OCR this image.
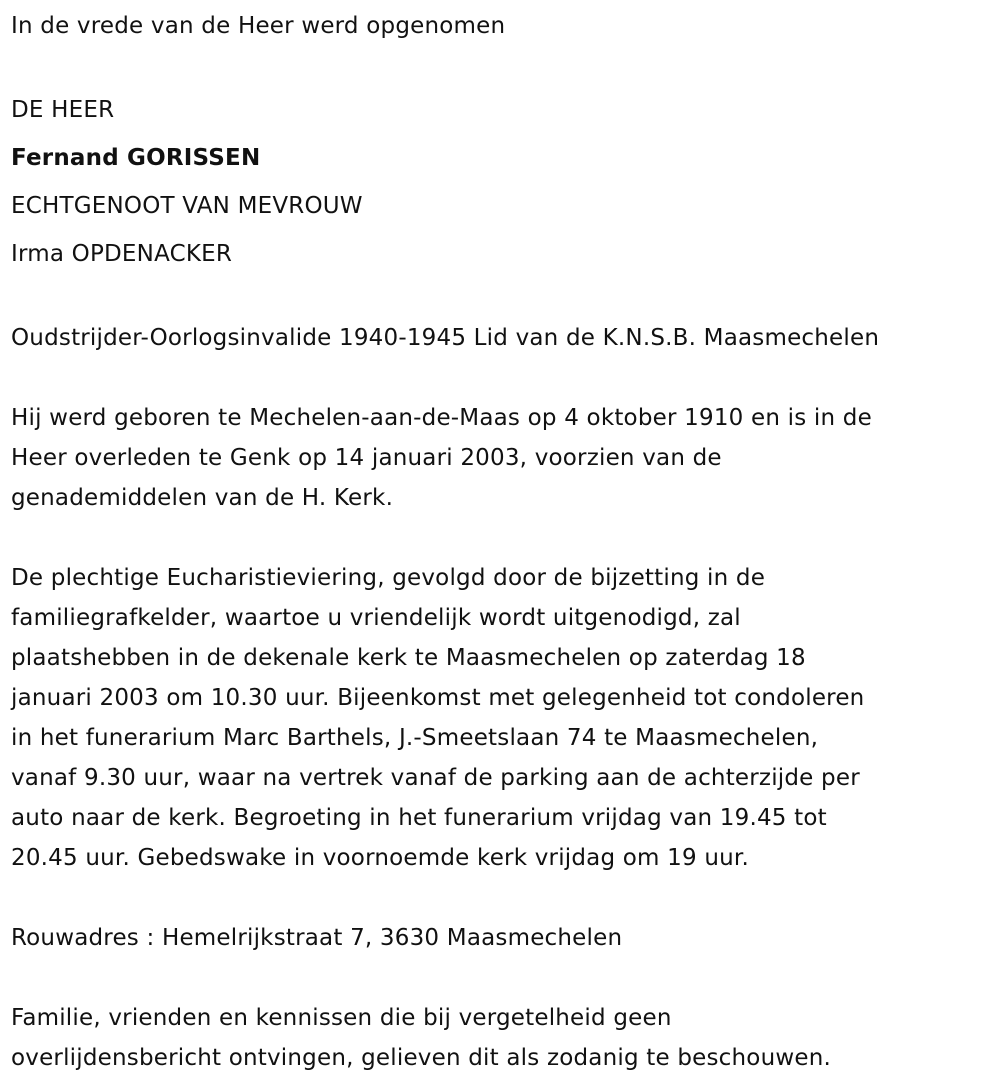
In de vrede van de Heer werd opgenomen
DE HEER
Fernand GORISSEN
ECHTGENOOT VAN MEVROUW
Irma OPDENACKER
Oudstrijder-Oorlogsinvalide 1940-1945 Lid van de K.N.S.B. Maasmechelen
Hij werd geboren te Mechelen-aan-de-Maas op 4 oktober 1910 en is in de
Heer overleden te Genk op 14 januari 2003, voorzien van de
genademiddelen van de H. Kerk.
De plechtige Eucharistieviering, gevolgd door de bijzetting in de
familiegrafkelder, waartoe u vriendelijk wordt uitgenodigd, zal
plaatshebben in de dekenale kerk te Maasmechelen op zaterdag 18
januari 2003 om 10.30 uur. Bijeenkomst met gelegenheid tot condoleren
in het funerarium Marc Barthels, J.-Smeetslaan 74 te Maasmechelen,
vanaf 9.30 uur, waar na vertrek vanaf de parking aan de achterzijde per
auto naar de kerk. Begroeting in het funerarium vrijdag van 19.45 tot
20.45 uur. Gebedswake in voornoemde kerk vrijdag om 19 uur.
Rouwadres : Hemelrijkstraat 7, 3630 Maasmechelen
Familie, vrienden en kennissen die bij vergetelheid geen
overlijdensbericht ontvingen, gelieven dit als zodanig te beschouwen.
